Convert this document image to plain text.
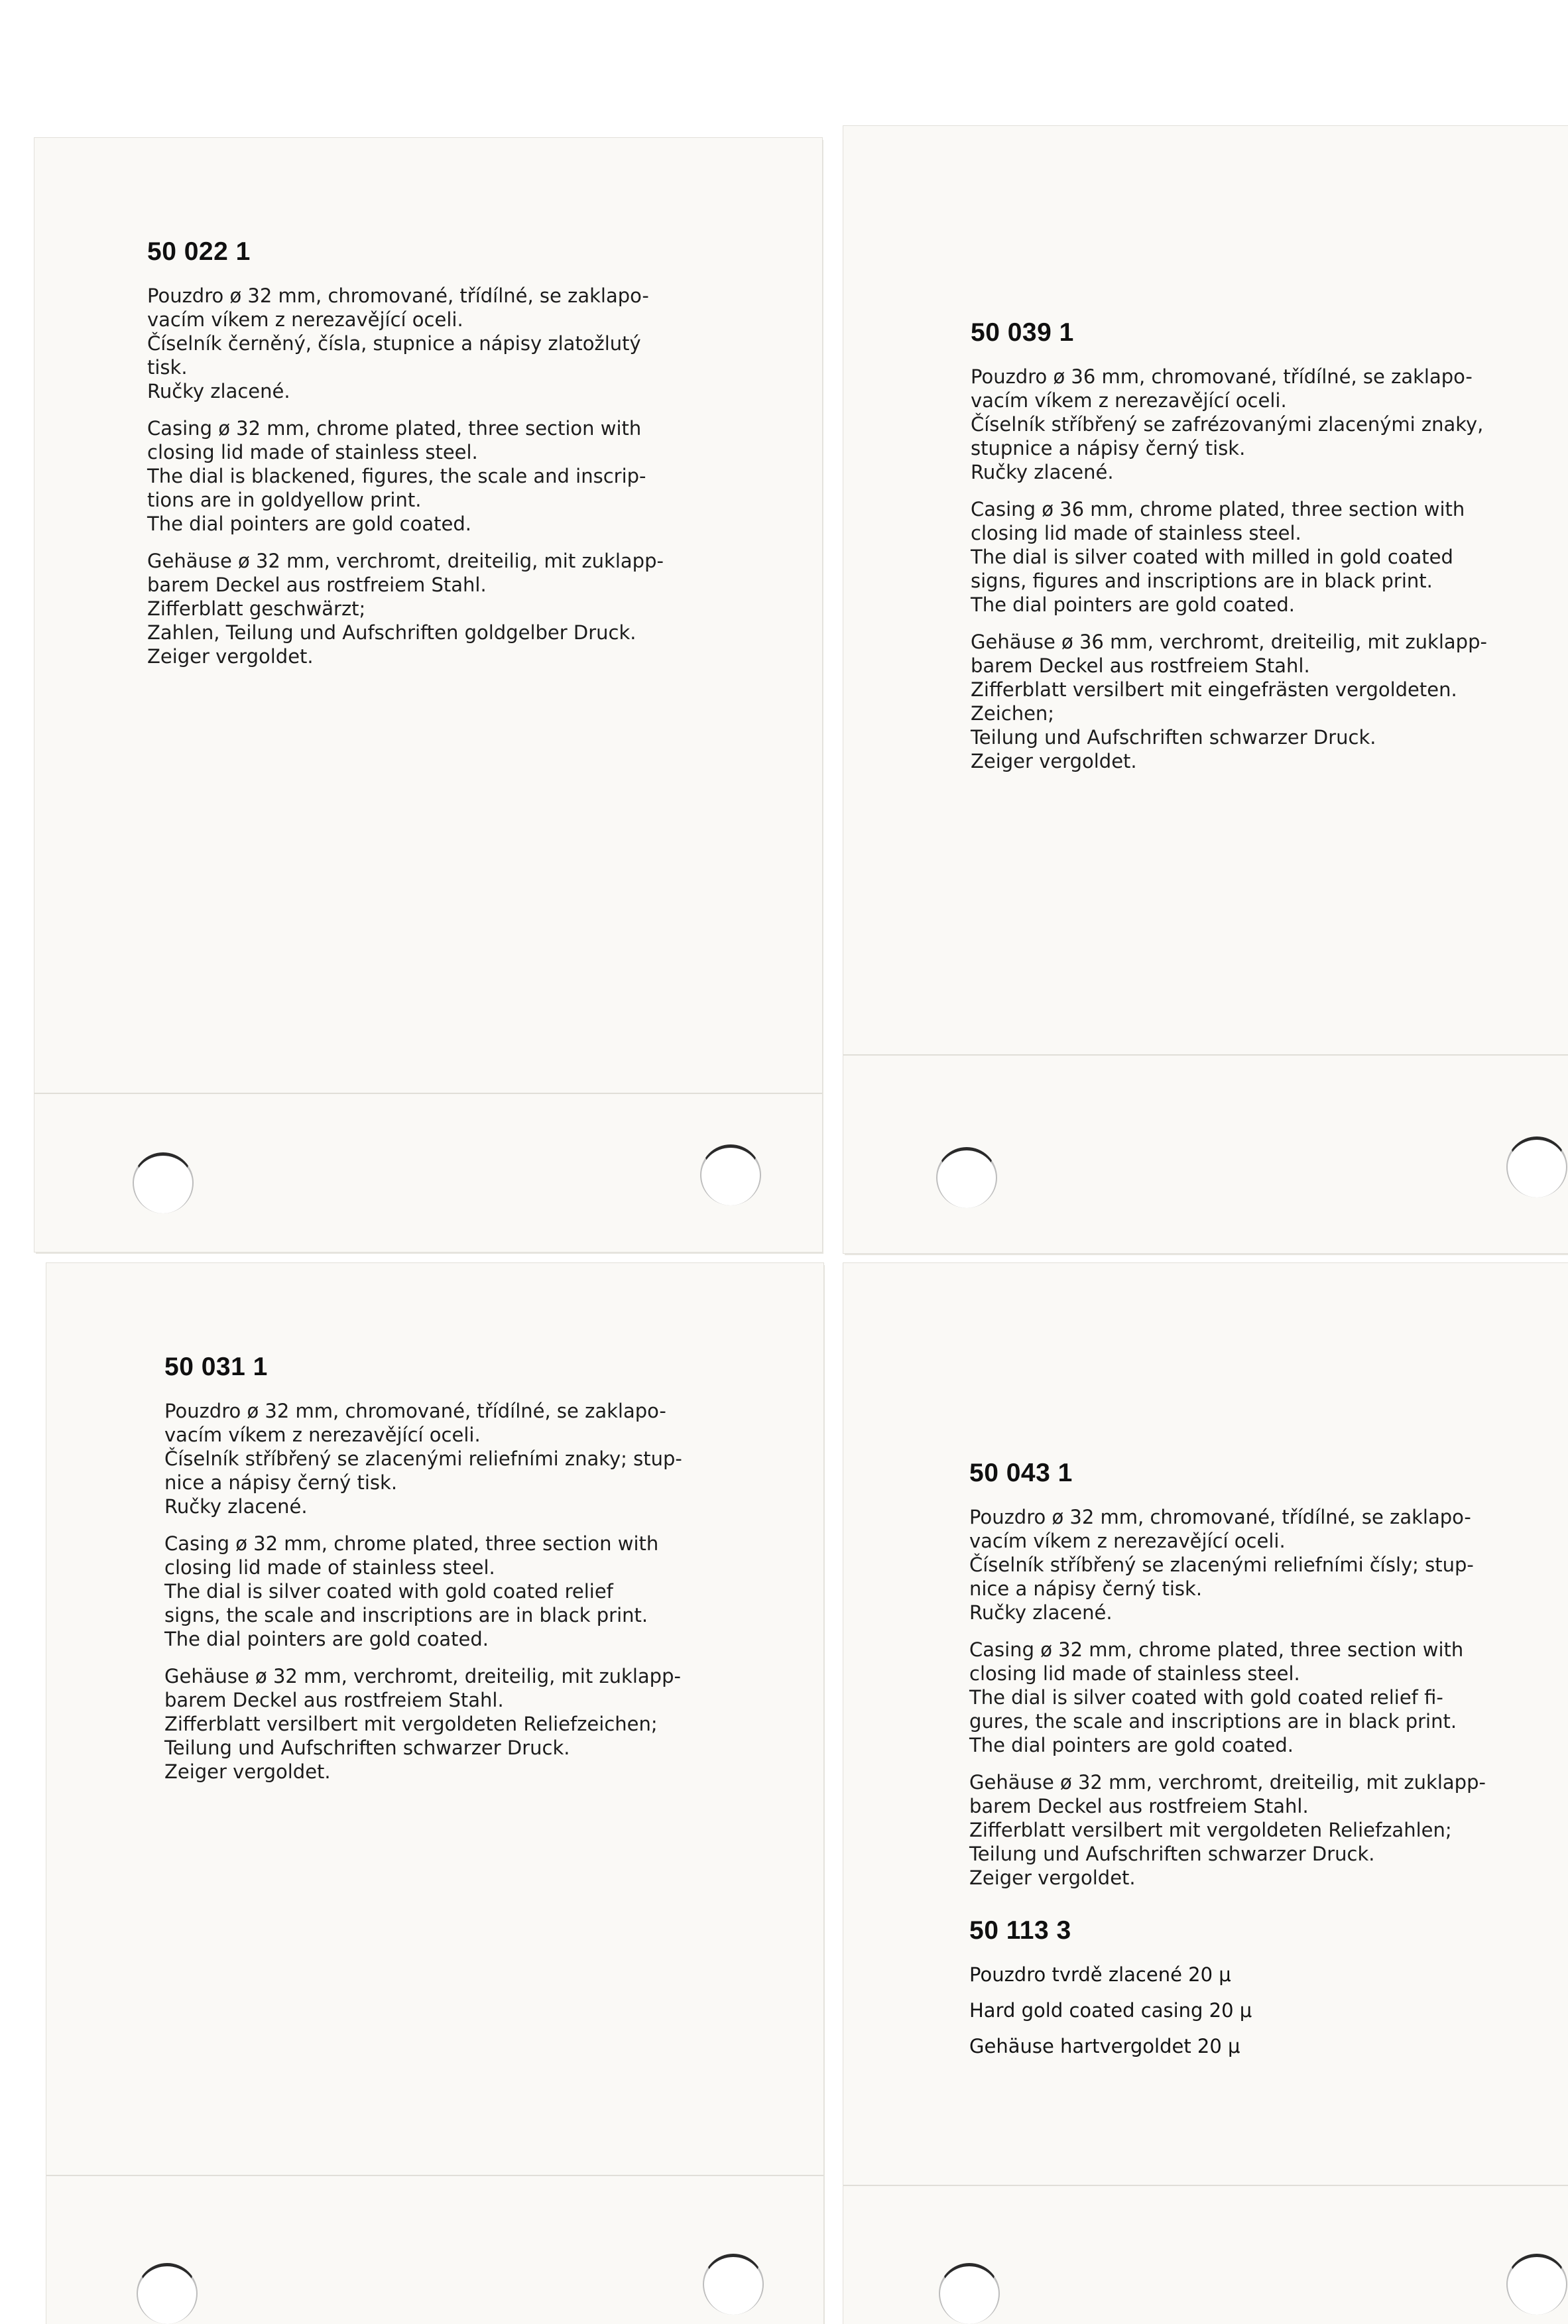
50 022 1
Pouzdro ø 32 mm, chromované, třídílné, se zaklapo-
vacím víkem z nerezavějící oceli.
Číselník černěný, čísla, stupnice a nápisy zlatožlutý
tisk.
Ručky zlacené.
Casing ø 32 mm, chrome plated, three section with
closing lid made of stainless steel.
The dial is blackened, figures, the scale and inscrip-
tions are in goldyellow print.
The dial pointers are gold coated.
Gehäuse ø 32 mm, verchromt, dreiteilig, mit zuklapp-
barem Deckel aus rostfreiem Stahl.
Zifferblatt geschwärzt;
Zahlen, Teilung und Aufschriften goldgelber Druck.
Zeiger vergoldet.
50 039 1
Pouzdro ø 36 mm, chromované, třídílné, se zaklapo-
vacím víkem z nerezavějící oceli.
Číselník stříbřený se zafrézovanými zlacenými znaky,
stupnice a nápisy černý tisk.
Ručky zlacené.
Casing ø 36 mm, chrome plated, three section with
closing lid made of stainless steel.
The dial is silver coated with milled in gold coated
signs, figures and inscriptions are in black print.
The dial pointers are gold coated.
Gehäuse ø 36 mm, verchromt, dreiteilig, mit zuklapp-
barem Deckel aus rostfreiem Stahl.
Zifferblatt versilbert mit eingefrästen vergoldeten.
Zeichen;
Teilung und Aufschriften schwarzer Druck.
Zeiger vergoldet.
50 031 1
Pouzdro ø 32 mm, chromované, třídílné, se zaklapo-
vacím víkem z nerezavějící oceli.
Číselník stříbřený se zlacenými reliefními znaky; stup-
nice a nápisy černý tisk.
Ručky zlacené.
Casing ø 32 mm, chrome plated, three section with
closing lid made of stainless steel.
The dial is silver coated with gold coated relief
signs, the scale and inscriptions are in black print.
The dial pointers are gold coated.
Gehäuse ø 32 mm, verchromt, dreiteilig, mit zuklapp-
barem Deckel aus rostfreiem Stahl.
Zifferblatt versilbert mit vergoldeten Reliefzeichen;
Teilung und Aufschriften schwarzer Druck.
Zeiger vergoldet.
50 043 1
Pouzdro ø 32 mm, chromované, třídílné, se zaklapo-
vacím víkem z nerezavějící oceli.
Číselník stříbřený se zlacenými reliefními čísly; stup-
nice a nápisy černý tisk.
Ručky zlacené.
Casing ø 32 mm, chrome plated, three section with
closing lid made of stainless steel.
The dial is silver coated with gold coated relief fi-
gures, the scale and inscriptions are in black print.
The dial pointers are gold coated.
Gehäuse ø 32 mm, verchromt, dreiteilig, mit zuklapp-
barem Deckel aus rostfreiem Stahl.
Zifferblatt versilbert mit vergoldeten Reliefzahlen;
Teilung und Aufschriften schwarzer Druck.
Zeiger vergoldet.
50 113 3
Pouzdro tvrdě zlacené 20 μ
Hard gold coated casing 20 μ
Gehäuse hartvergoldet 20 μ
